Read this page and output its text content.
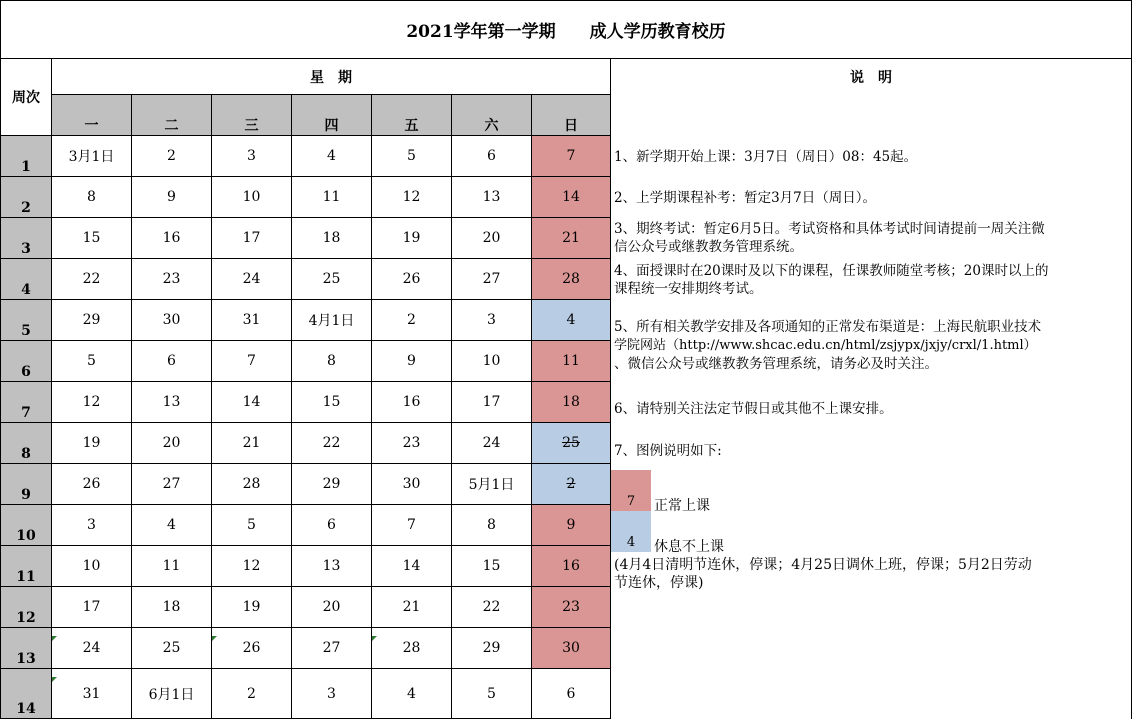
2021学年第一学期　　成人学历教育校历
周次
星　期	说　明
一	二	三	四	五	六	日
1
3月1日	2	3	4	5	6	7
2
8	9	10	11	12	13	14
3
15	16	17	18	19	20	21
4
22	23	24	25	26	27	28
5
29	30	31	4月1日	2	3	4
6
5	6	7	8	9	10	11
7
12	13	14	15	16	17	18
8
19	20	21	22	23	24	25
9
26	27	28	29	30	5月1日	2
10
3	4	5	6	7	8	9
11
10	11	12	13	14	15	16
12
17	18	19	20	21	22	23
13
24	25	26	27	28	29	30
14
31	6月1日	2	3	4	5	6
1、新学期开始上课：3月7日（周日）08：45起。
2、上学期课程补考：暂定3月7日（周日）。
3、期终考试：暂定6月5日。考试资格和具体考试时间请提前一周关注微
信公众号或继教教务管理系统。
4、面授课时在20课时及以下的课程，任课教师随堂考核；20课时以上的
课程统一安排期终考试。
5、所有相关教学安排及各项通知的正常发布渠道是：上海民航职业技术
学院网站（http://www.shcac.edu.cn/html/zsjypx/jxjy/crxl/1.html）
、微信公众号或继教教务管理系统，请务必及时关注。
6、请特别关注法定节假日或其他不上课安排。
7、图例说明如下:
7	正常上课
4	休息不上课
(4月4日清明节连休，停课；4月25日调休上班，停课；5月2日劳动
节连休，停课)
